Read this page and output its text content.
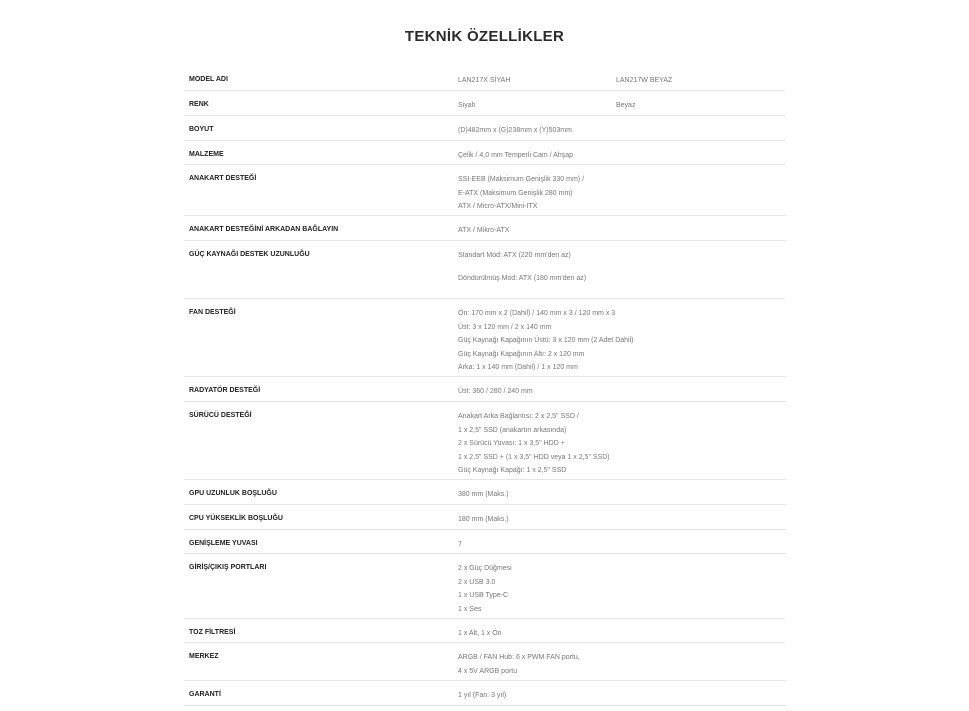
TEKNİK ÖZELLİKLER
MODEL ADI	LAN217X SİYAH	LAN217W BEYAZ
RENK	Siyah	Beyaz
BOYUT	(D)482mm x (G)238mm x (Y)503mm
MALZEME	Çelik / 4,0 mm Temperli Cam / Ahşap
ANAKART DESTEĞİ	SSI-EEB (Maksimum Genişlik 330 mm) /
E-ATX (Maksimum Genişlik 280 mm)
ATX / Micro-ATX/Mini-ITX
ANAKART DESTEĞİNİ ARKADAN BAĞLAYIN	ATX / Mikro-ATX
GÜÇ KAYNAĞI DESTEK UZUNLUĞU	Standart Mod: ATX (220 mm'den az)
Döndürülmüş Mod: ATX (180 mm'den az)
FAN DESTEĞİ	Ön: 170 mm x 2 (Dahil) / 140 mm x 3 / 120 mm x 3
Üst: 3 x 120 mm / 2 x 140 mm
Güç Kaynağı Kapağının Üstü: 3 x 120 mm (2 Adet Dahil)
Güç Kaynağı Kapağının Altı: 2 x 120 mm
Arka: 1 x 140 mm (Dahil) / 1 x 120 mm
RADYATÖR DESTEĞİ	Üst: 360 / 280 / 240 mm
SÜRÜCÜ DESTEĞİ	Anakart Arka Bağlantısı: 2 x 2,5" SSD /
1 x 2,5" SSD (anakartın arkasında)
2 x Sürücü Yuvası: 1 x 3,5" HDD +
1 x 2,5" SSD + (1 x 3,5" HDD veya 1 x 2,5" SSD)
Güç Kaynağı Kapağı: 1 x 2,5" SSD
GPU UZUNLUK BOŞLUĞU	380 mm (Maks.)
CPU YÜKSEKLİK BOŞLUĞU	180 mm (Maks.)
GENİŞLEME YUVASI	7
GİRİŞ/ÇIKIŞ PORTLARI	2 x Güç Düğmesi
2 x USB 3.0
1 x USB Type-C
1 x Ses
TOZ FİLTRESİ	1 x Alt, 1 x Ön
MERKEZ	ARGB / FAN Hub: 6 x PWM FAN portu,
4 x 5V ARGB portu
GARANTİ	1 yıl (Fan: 3 yıl)
